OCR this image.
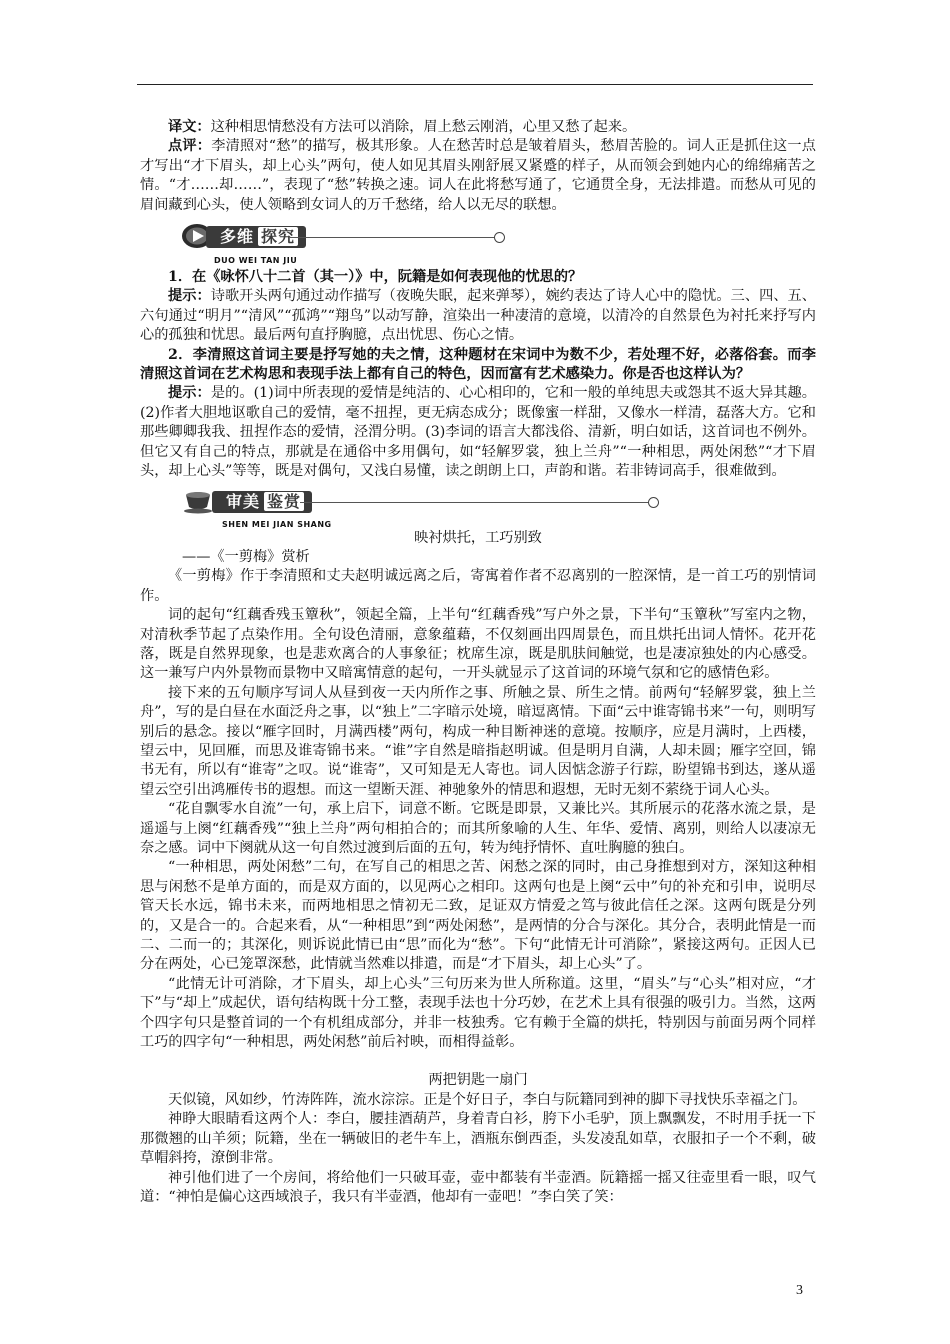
译文：这种相思情愁没有方法可以消除，眉上愁云刚消，心里又愁了起来。

点评：李清照对“愁”的描写，极其形象。人在愁苦时总是皱着眉头，愁眉苦脸的。词人正是抓住这一点才写出“才下眉头，却上心头”两句，使人如见其眉头刚舒展又紧蹙的样子，从而领会到她内心的绵绵痛苦之情。“才……却……”，表现了“愁”转换之速。词人在此将愁写通了，它通贯全身，无法排遣。而愁从可见的眉间藏到心头，使人领略到女词人的万千愁绪，给人以无尽的联想。

多维 探究
DUO WEI TAN JIU

1．在《咏怀八十二首（其一）》中，阮籍是如何表现他的忧思的？

提示：诗歌开头两句通过动作描写（夜晚失眠，起来弹琴），婉约表达了诗人心中的隐忧。三、四、五、六句通过“明月”“清风”“孤鸿”“翔鸟”以动写静，渲染出一种凄清的意境，以清冷的自然景色为衬托来抒写内心的孤独和忧思。最后两句直抒胸臆，点出忧思、伤心之情。

2．李清照这首词主要是抒写她的夫之情，这种题材在宋词中为数不少，若处理不好，必落俗套。而李清照这首词在艺术构思和表现手法上都有自己的特色，因而富有艺术感染力。你是否也这样认为？

提示：是的。(1)词中所表现的爱情是纯洁的、心心相印的，它和一般的单纯思夫或怨其不返大异其趣。(2)作者大胆地讴歌自己的爱情，毫不扭捏，更无病态成分；既像蜜一样甜，又像水一样清，磊落大方。它和那些卿卿我我、扭捏作态的爱情，泾渭分明。(3)李词的语言大都浅俗、清新，明白如话，这首词也不例外。但它又有自己的特点，那就是在通俗中多用偶句，如“轻解罗裳，独上兰舟”“一种相思，两处闲愁”“才下眉头，却上心头”等等，既是对偶句，又浅白易懂，读之朗朗上口，声韵和谐。若非铸词高手，很难做到。

审美 鉴赏
SHEN MEI JIAN SHANG

映衬烘托，工巧别致

——《一剪梅》赏析

《一剪梅》作于李清照和丈夫赵明诚远离之后，寄寓着作者不忍离别的一腔深情，是一首工巧的别情词作。

词的起句“红藕香残玉簟秋”，领起全篇，上半句“红藕香残”写户外之景，下半句“玉簟秋”写室内之物，对清秋季节起了点染作用。全句设色清丽，意象蕴藉，不仅刻画出四周景色，而且烘托出词人情怀。花开花落，既是自然界现象，也是悲欢离合的人事象征；枕席生凉，既是肌肤间触觉，也是凄凉独处的内心感受。这一兼写户内外景物而景物中又暗寓情意的起句，一开头就显示了这首词的环境气氛和它的感情色彩。

接下来的五句顺序写词人从昼到夜一天内所作之事、所触之景、所生之情。前两句“轻解罗裳，独上兰舟”，写的是白昼在水面泛舟之事，以“独上”二字暗示处境，暗逗离情。下面“云中谁寄锦书来”一句，则明写别后的悬念。接以“雁字回时，月满西楼”两句，构成一种目断神迷的意境。按顺序，应是月满时，上西楼，望云中，见回雁，而思及谁寄锦书来。“谁”字自然是暗指赵明诚。但是明月自满，人却未圆；雁字空回，锦书无有，所以有“谁寄”之叹。说“谁寄”，又可知是无人寄也。词人因惦念游子行踪，盼望锦书到达，遂从遥望云空引出鸿雁传书的遐想。而这一望断天涯、神驰象外的情思和遐想，无时无刻不萦绕于词人心头。

“花自飘零水自流”一句，承上启下，词意不断。它既是即景，又兼比兴。其所展示的花落水流之景，是遥遥与上阕“红藕香残”“独上兰舟”两句相拍合的；而其所象喻的人生、年华、爱情、离别，则给人以凄凉无奈之感。词中下阕就从这一句自然过渡到后面的五句，转为纯抒情怀、直吐胸臆的独白。

“一种相思，两处闲愁”二句，在写自己的相思之苦、闲愁之深的同时，由己身推想到对方，深知这种相思与闲愁不是单方面的，而是双方面的，以见两心之相印。这两句也是上阕“云中”句的补充和引申，说明尽管天长水远，锦书未来，而两地相思之情初无二致，足证双方情爱之笃与彼此信任之深。这两句既是分列的，又是合一的。合起来看，从“一种相思”到“两处闲愁”，是两情的分合与深化。其分合，表明此情是一而二、二而一的；其深化，则诉说此情已由“思”而化为“愁”。下句“此情无计可消除”，紧接这两句。正因人已分在两处，心已笼罩深愁，此情就当然难以排遣，而是“才下眉头，却上心头”了。

“此情无计可消除，才下眉头，却上心头”三句历来为世人所称道。这里，“眉头”与“心头”相对应，“才下”与“却上”成起伏，语句结构既十分工整，表现手法也十分巧妙，在艺术上具有很强的吸引力。当然，这两个四字句只是整首词的一个有机组成部分，并非一枝独秀。它有赖于全篇的烘托，特别因与前面另两个同样工巧的四字句“一种相思，两处闲愁”前后衬映，而相得益彰。

两把钥匙一扇门

天似镜，风如纱，竹涛阵阵，流水淙淙。正是个好日子，李白与阮籍同到神的脚下寻找快乐幸福之门。

神睁大眼睛看这两个人：李白，腰挂酒葫芦，身着青白衫，胯下小毛驴，顶上飘飘发，不时用手抚一下那微翘的山羊须；阮籍，坐在一辆破旧的老牛车上，酒瓶东倒西歪，头发凌乱如草，衣服扣子一个不剩，破草帽斜挎，潦倒非常。

神引他们进了一个房间，将给他们一只破耳壶，壶中都装有半壶酒。阮籍摇一摇又往壶里看一眼，叹气道：“神怕是偏心这西域浪子，我只有半壶酒，他却有一壶吧！”李白笑了笑：

3
